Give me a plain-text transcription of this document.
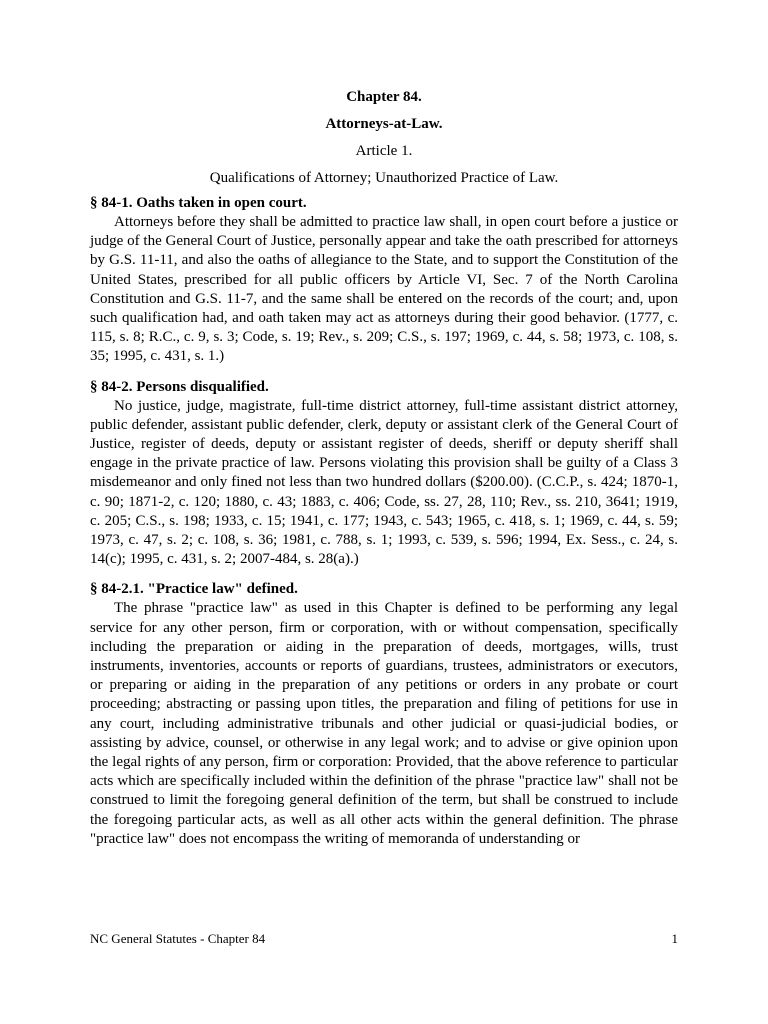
Chapter 84.
Attorneys-at-Law.
Article 1.
Qualifications of Attorney; Unauthorized Practice of Law.

§ 84-1. Oaths taken in open court.

Attorneys before they shall be admitted to practice law shall, in open court before a justice or judge of the General Court of Justice, personally appear and take the oath prescribed for attorneys by G.S. 11-11, and also the oaths of allegiance to the State, and to support the Constitution of the United States, prescribed for all public officers by Article VI, Sec. 7 of the North Carolina Constitution and G.S. 11-7, and the same shall be entered on the records of the court; and, upon such qualification had, and oath taken may act as attorneys during their good behavior. (1777, c. 115, s. 8; R.C., c. 9, s. 3; Code, s. 19; Rev., s. 209; C.S., s. 197; 1969, c. 44, s. 58; 1973, c. 108, s. 35; 1995, c. 431, s. 1.)

§ 84-2. Persons disqualified.

No justice, judge, magistrate, full-time district attorney, full-time assistant district attorney, public defender, assistant public defender, clerk, deputy or assistant clerk of the General Court of Justice, register of deeds, deputy or assistant register of deeds, sheriff or deputy sheriff shall engage in the private practice of law. Persons violating this provision shall be guilty of a Class 3 misdemeanor and only fined not less than two hundred dollars ($200.00). (C.C.P., s. 424; 1870-1, c. 90; 1871-2, c. 120; 1880, c. 43; 1883, c. 406; Code, ss. 27, 28, 110; Rev., ss. 210, 3641; 1919, c. 205; C.S., s. 198; 1933, c. 15; 1941, c. 177; 1943, c. 543; 1965, c. 418, s. 1; 1969, c. 44, s. 59; 1973, c. 47, s. 2; c. 108, s. 36; 1981, c. 788, s. 1; 1993, c. 539, s. 596; 1994, Ex. Sess., c. 24, s. 14(c); 1995, c. 431, s. 2; 2007-484, s. 28(a).)

§ 84-2.1. "Practice law" defined.

The phrase "practice law" as used in this Chapter is defined to be performing any legal service for any other person, firm or corporation, with or without compensation, specifically including the preparation or aiding in the preparation of deeds, mortgages, wills, trust instruments, inventories, accounts or reports of guardians, trustees, administrators or executors, or preparing or aiding in the preparation of any petitions or orders in any probate or court proceeding; abstracting or passing upon titles, the preparation and filing of petitions for use in any court, including administrative tribunals and other judicial or quasi-judicial bodies, or assisting by advice, counsel, or otherwise in any legal work; and to advise or give opinion upon the legal rights of any person, firm or corporation: Provided, that the above reference to particular acts which are specifically included within the definition of the phrase "practice law" shall not be construed to limit the foregoing general definition of the term, but shall be construed to include the foregoing particular acts, as well as all other acts within the general definition. The phrase "practice law" does not encompass the writing of memoranda of understanding or

NC General Statutes - Chapter 84	1
